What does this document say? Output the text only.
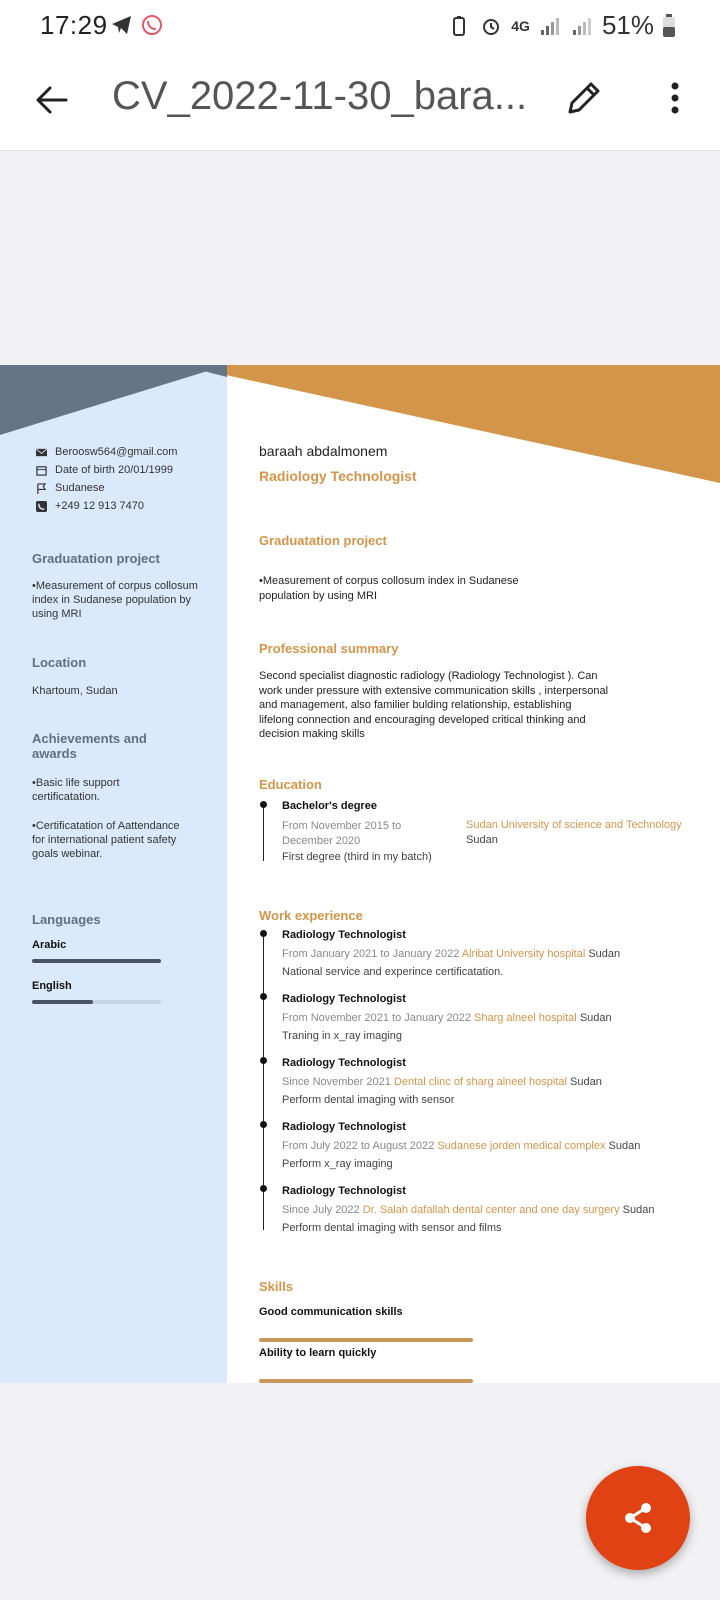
17:29	4G	51%
CV_2022-11-30_bara...
Beroosw564@gmail.com
Date of birth 20/01/1999
Sudanese
+249 12 913 7470
Graduatation project
•Measurement of corpus collosum index in Sudanese population by using MRI
Location
Khartoum, Sudan
Achievements and awards
•Basic life support certificatation.
•Certificatation of Aattendance for international patient safety goals webinar.
Languages
Arabic
English
baraah abdalmonem
Radiology Technologist
Graduatation project
•Measurement of corpus collosum index in Sudanese population by using MRI
Professional summary
Second specialist diagnostic radiology (Radiology Technologist ). Can work under pressure with extensive communication skills , interpersonal and management, also familier bulding relationship, establishing lifelong connection and encouraging developed critical thinking and decision making skills
Education
Bachelor's degree
From November 2015 to December 2020
Sudan University of science and Technology
Sudan
First degree (third in my batch)
Work experience
Radiology Technologist
From January 2021 to January 2022 Alribat University hospital Sudan
National service and experince certificatation.
Radiology Technologist
From November 2021 to January 2022 Sharg alneel hospital Sudan
Traning in x_ray imaging
Radiology Technologist
Since November 2021 Dental clinc of sharg alneel hospital Sudan
Perform dental imaging with sensor
Radiology Technologist
From July 2022 to August 2022 Sudanese jorden medical complex Sudan
Perform x_ray imaging
Radiology Technologist
Since July 2022 Dr. Salah dafallah dental center and one day surgery Sudan
Perform dental imaging with sensor and films
Skills
Good communication skills
Ability to learn quickly
